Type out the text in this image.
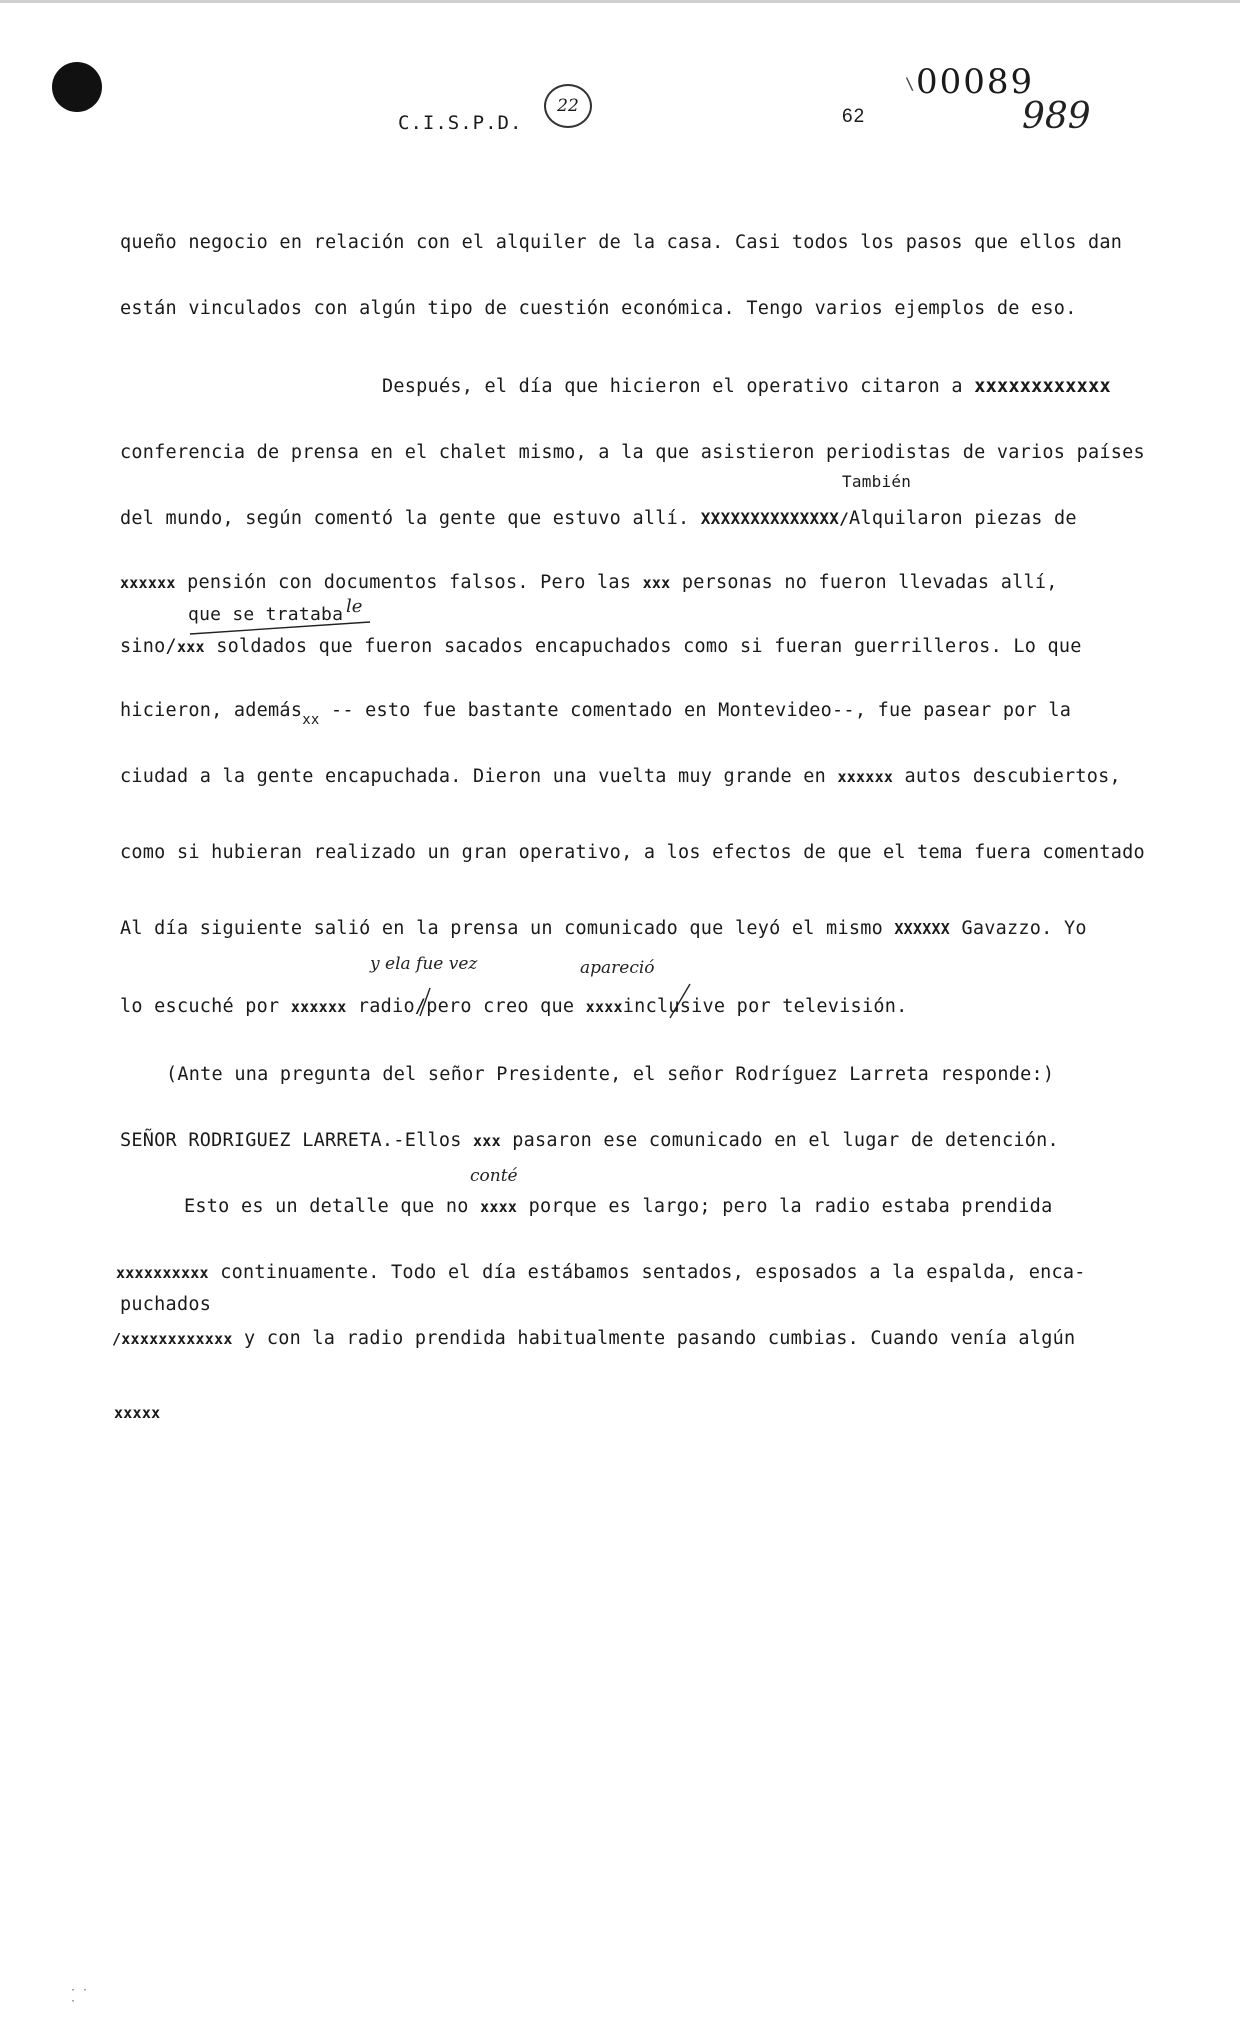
C.I.S.P.D.
22	62
\ 00089
989
queño negocio en relación con el alquiler de la casa. Casi todos los pasos que ellos dan
están vinculados con algún tipo de cuestión económica. Tengo varios ejemplos de eso.
Después, el día que hicieron el operativo citaron a xxxxxxxxxxxx
conferencia de prensa en el chalet mismo, a la que asistieron periodistas de varios países
También
del mundo, según comentó la gente que estuvo allí. XXXXXXXXXXXXXX/Alquilaron piezas de
xxxxxx pensión con documentos falsos. Pero las xxx personas no fueron llevadas allí,
que se trataba le
sino/xxx soldados que fueron sacados encapuchados como si fueran guerrilleros. Lo que
hicieron, además$_{xx}$ -- esto fue bastante comentado en Montevideo--, fue pasear por la
ciudad a la gente encapuchada. Dieron una vuelta muy grande en xxxxxx autos descubiertos,
como si hubieran realizado un gran operativo, a los efectos de que el tema fuera comentado
Al día siguiente salió en la prensa un comunicado que leyó el mismo XXXXXX Gavazzo. Yo
y ela fue vez	apareció
lo escuché por xxxxxx radio/pero creo que xxxxinclusive por televisión.
(Ante una pregunta del señor Presidente, el señor Rodríguez Larreta responde:)
SEÑOR RODRIGUEZ LARRETA.-Ellos xxx pasaron ese comunicado en el lugar de detención.
conté
Esto es un detalle que no xxxx porque es largo; pero la radio estaba prendida
xxxxxxxxxx continuamente. Todo el día estábamos sentados, esposados a la espalda, enca-
puchados
/xxxxxxxxxxxx y con la radio prendida habitualmente pasando cumbias. Cuando venía algún
xxxxx
· ·
·
